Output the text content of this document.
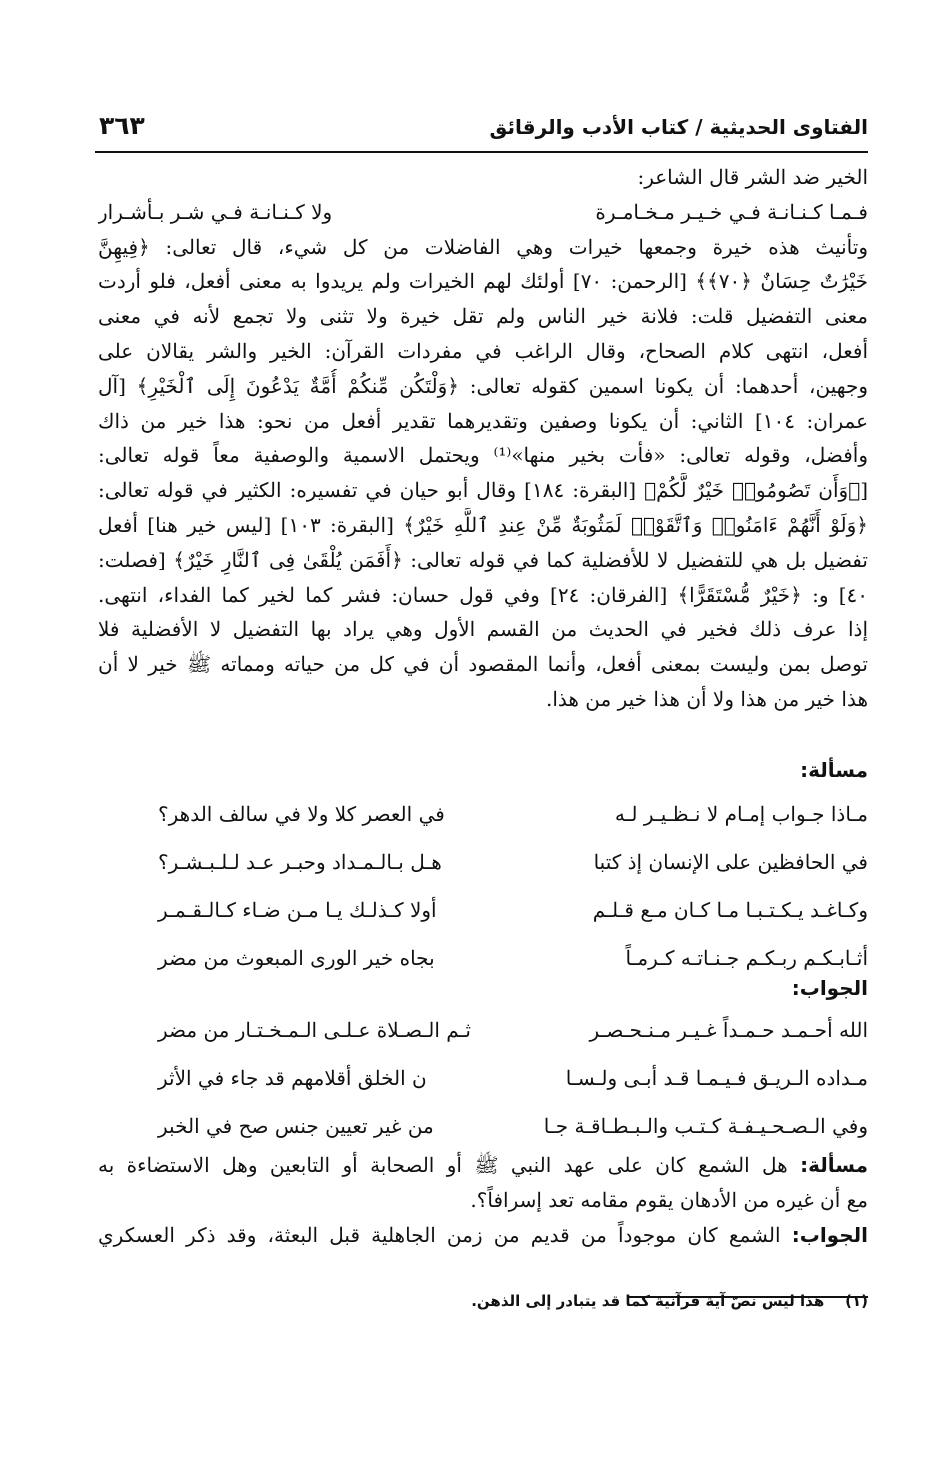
الفتاوى الحديثية / كتاب الأدب والرقائق
٣٦٣
الخير ضد الشر قال الشاعر:
فـمـا كـنـانـة فـي خـيـر مـخـامـرة
ولا كـنـانـة فـي شـر بـأشـرار
وتأنيث هذه خيرة وجمعها خيرات وهي الفاضلات من كل شيء، قال تعالى: ﴿فِيهِنَّ
خَيْرَٰتٌ حِسَانٌ ﴿٧٠﴾﴾ [الرحمن: ٧٠] أولئك لهم الخيرات ولم يريدوا به معنى أفعل، فلو أردت
معنى التفضيل قلت: فلانة خير الناس ولم تقل خيرة ولا تثنى ولا تجمع لأنه في معنى
أفعل، انتهى كلام الصحاح، وقال الراغب في مفردات القرآن: الخير والشر يقالان على
وجهين، أحدهما: أن يكونا اسمين كقوله تعالى: ﴿وَلْتَكُن مِّنكُمْ أُمَّةٌ يَدْعُونَ إِلَى ٱلْخَيْرِ﴾ [آل
عمران: ١٠٤] الثاني: أن يكونا وصفين وتقديرهما تقدير أفعل من نحو: هذا خير من ذاك
وأفضل، وقوله تعالى: «فأت بخير منها»⁽¹⁾ ويحتمل الاسمية والوصفية معاً قوله تعالى:
[﴿وَأَن تَصُومُوا۟ خَيْرٌ لَّكُمْ﴾ [البقرة: ١٨٤] وقال أبو حيان في تفسيره: الكثير في قوله تعالى:
﴿وَلَوْ أَنَّهُمْ ءَامَنُوا۟ وَٱتَّقَوْا۟ لَمَثُوبَةٌ مِّنْ عِندِ ٱللَّهِ خَيْرٌ﴾ [البقرة: ١٠٣] [ليس خير هنا] أفعل
تفضيل بل هي للتفضيل لا للأفضلية كما في قوله تعالى: ﴿أَفَمَن يُلْقَىٰ فِى ٱلنَّارِ خَيْرٌ﴾ [فصلت:
٤٠] و: ﴿خَيْرٌ مُّسْتَقَرًّا﴾ [الفرقان: ٢٤] وفي قول حسان: فشر كما لخير كما الفداء، انتهى.
إذا عرف ذلك فخير في الحديث من القسم الأول وهي يراد بها التفضيل لا الأفضلية فلا
توصل بمن وليست بمعنى أفعل، وأنما المقصود أن في كل من حياته ومماته ﷺ خير لا أن
هذا خير من هذا ولا أن هذا خير من هذا.
مسألة:
مـاذا جـواب إمـام لا نـظـيـر لـه
في العصر كلا ولا في سالف الدهر؟
في الحافظين على الإنسان إذ كتبا
هـل بـالـمـداد وحبـر عـد لـلـبـشـر؟
وكـاغـد يـكـتـبـا مـا كـان مـع قـلـم
أولا كـذلـك يـا مـن ضـاء كـالـقـمـر
أثـابـكـم ربـكـم جـنـاتـه كـرمـاً
بجاه خير الورى المبعوث من مضر
الجواب:
الله أحـمـد حـمـداً غـيـر مـنـحـصـر
ثـم الـصـلاة عـلـى الـمـخـتـار من مضر
مـداده الـريـق فـيـمـا قـد أبـى ولـسـا
ن الخلق أقلامهم قد جاء في الأثر
وفي الـصـحـيـفـة كـتـب والـبـطـاقـة جـا
من غير تعيين جنس صح في الخبر
مسألة: هل الشمع كان على عهد النبي ﷺ أو الصحابة أو التابعين وهل الاستضاءة به
مع أن غيره من الأدهان يقوم مقامه تعد إسرافاً؟.
الجواب: الشمع كان موجوداً من قديم من زمن الجاهلية قبل البعثة، وقد ذكر العسكري
(١)    هذا ليس نصّ آية قرآنية كما قد يتبادر إلى الذهن.
